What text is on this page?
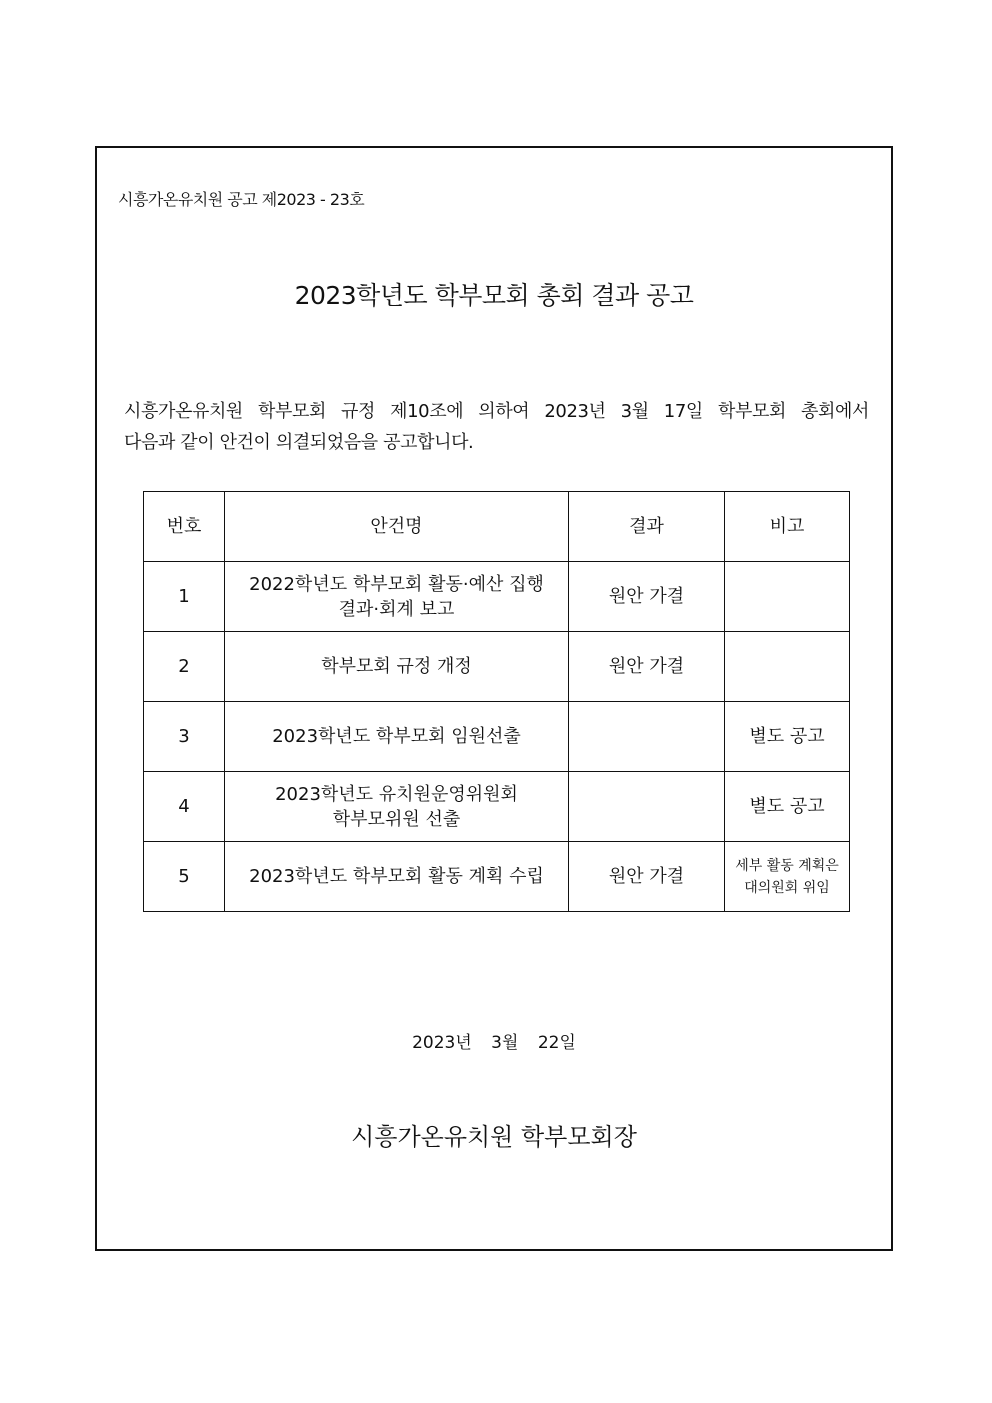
시흥가온유치원 공고 제2023 - 23호
2023학년도 학부모회 총회 결과 공고
시흥가온유치원 학부모회 규정 제10조에 의하여 2023년 3월 17일 학부모회 총회에서
다음과 같이 안건이 의결되었음을 공고합니다.
번호	안건명	결과	비고
1	2022학년도 학부모회 활동·예산 집행
결과·회계 보고	원안 가결	
2	학부모회 규정 개정	원안 가결	
3	2023학년도 학부모회 임원선출		별도 공고
4	2023학년도 유치원운영위원회
학부모위원 선출		별도 공고
5	2023학년도 학부모회 활동 계획 수립	원안 가결	세부 활동 계획은
대의원회 위임
2023년 3월 22일
시흥가온유치원 학부모회장
